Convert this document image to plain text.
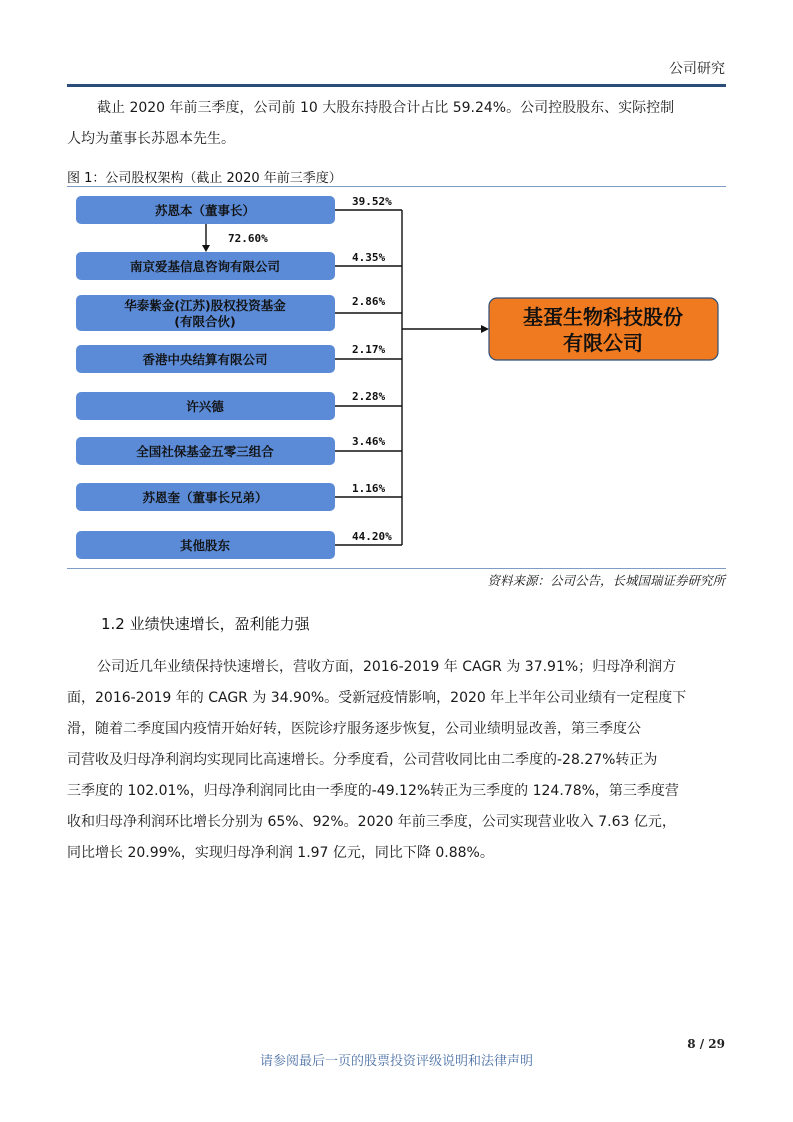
公司研究
截止 2020 年前三季度，公司前 10 大股东持股合计占比 59.24%。公司控股股东、实际控制
人均为董事长苏恩本先生。
图 1：公司股权架构（截止 2020 年前三季度）
苏恩本（董事长）
南京爱基信息咨询有限公司
华泰紫金(江苏)股权投资基金
(有限合伙)
香港中央结算有限公司
许兴德
全国社保基金五零三组合
苏恩奎（董事长兄弟）
其他股东
39.52%
4.35%
2.86%
2.17%
2.28%
3.46%
1.16%
44.20%
72.60%
基蛋生物科技股份
有限公司
资料来源：公司公告，长城国瑞证券研究所
1.2 业绩快速增长，盈利能力强
公司近几年业绩保持快速增长，营收方面，2016-2019 年 CAGR 为 37.91%；归母净利润方
面，2016-2019 年的 CAGR 为 34.90%。受新冠疫情影响，2020 年上半年公司业绩有一定程度下
滑，随着二季度国内疫情开始好转，医院诊疗服务逐步恢复，公司业绩明显改善，第三季度公
司营收及归母净利润均实现同比高速增长。分季度看，公司营收同比由二季度的-28.27%转正为
三季度的 102.01%，归母净利润同比由一季度的-49.12%转正为三季度的 124.78%，第三季度营
收和归母净利润环比增长分别为 65%、92%。2020 年前三季度，公司实现营业收入 7.63 亿元，
同比增长 20.99%，实现归母净利润 1.97 亿元，同比下降 0.88%。
8 / 29
请参阅最后一页的股票投资评级说明和法律声明
